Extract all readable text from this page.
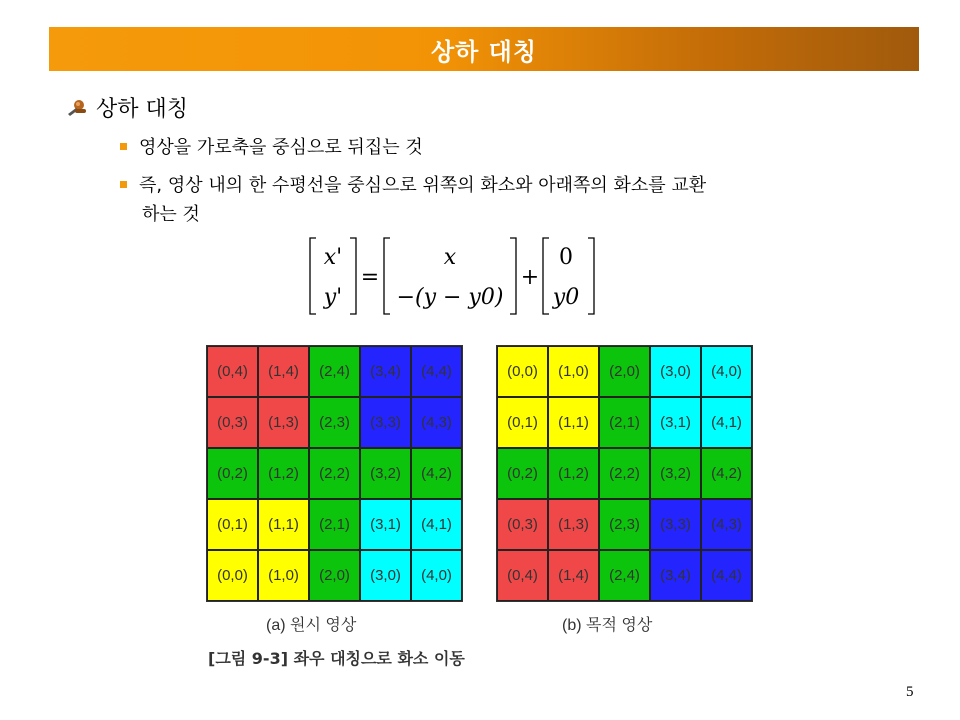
상하 대칭
상하 대칭
영상을 가로축을 중심으로 뒤집는 것
즉, 영상 내의 한 수평선을 중심으로 위쪽의 화소와 아래쪽의 화소를 교환
하는 것
x'
y'
=
x
−(y − y0)
+
0
y0
(0,4)	(1,4)	(2,4)	(3,4)	(4,4)
(0,3)	(1,3)	(2,3)	(3,3)	(4,3)
(0,2)	(1,2)	(2,2)	(3,2)	(4,2)
(0,1)	(1,1)	(2,1)	(3,1)	(4,1)
(0,0)	(1,0)	(2,0)	(3,0)	(4,0)
(0,0)	(1,0)	(2,0)	(3,0)	(4,0)
(0,1)	(1,1)	(2,1)	(3,1)	(4,1)
(0,2)	(1,2)	(2,2)	(3,2)	(4,2)
(0,3)	(1,3)	(2,3)	(3,3)	(4,3)
(0,4)	(1,4)	(2,4)	(3,4)	(4,4)
(a) 원시 영상	(b) 목적 영상
[그림 9-3] 좌우 대칭으로 화소 이동
5
